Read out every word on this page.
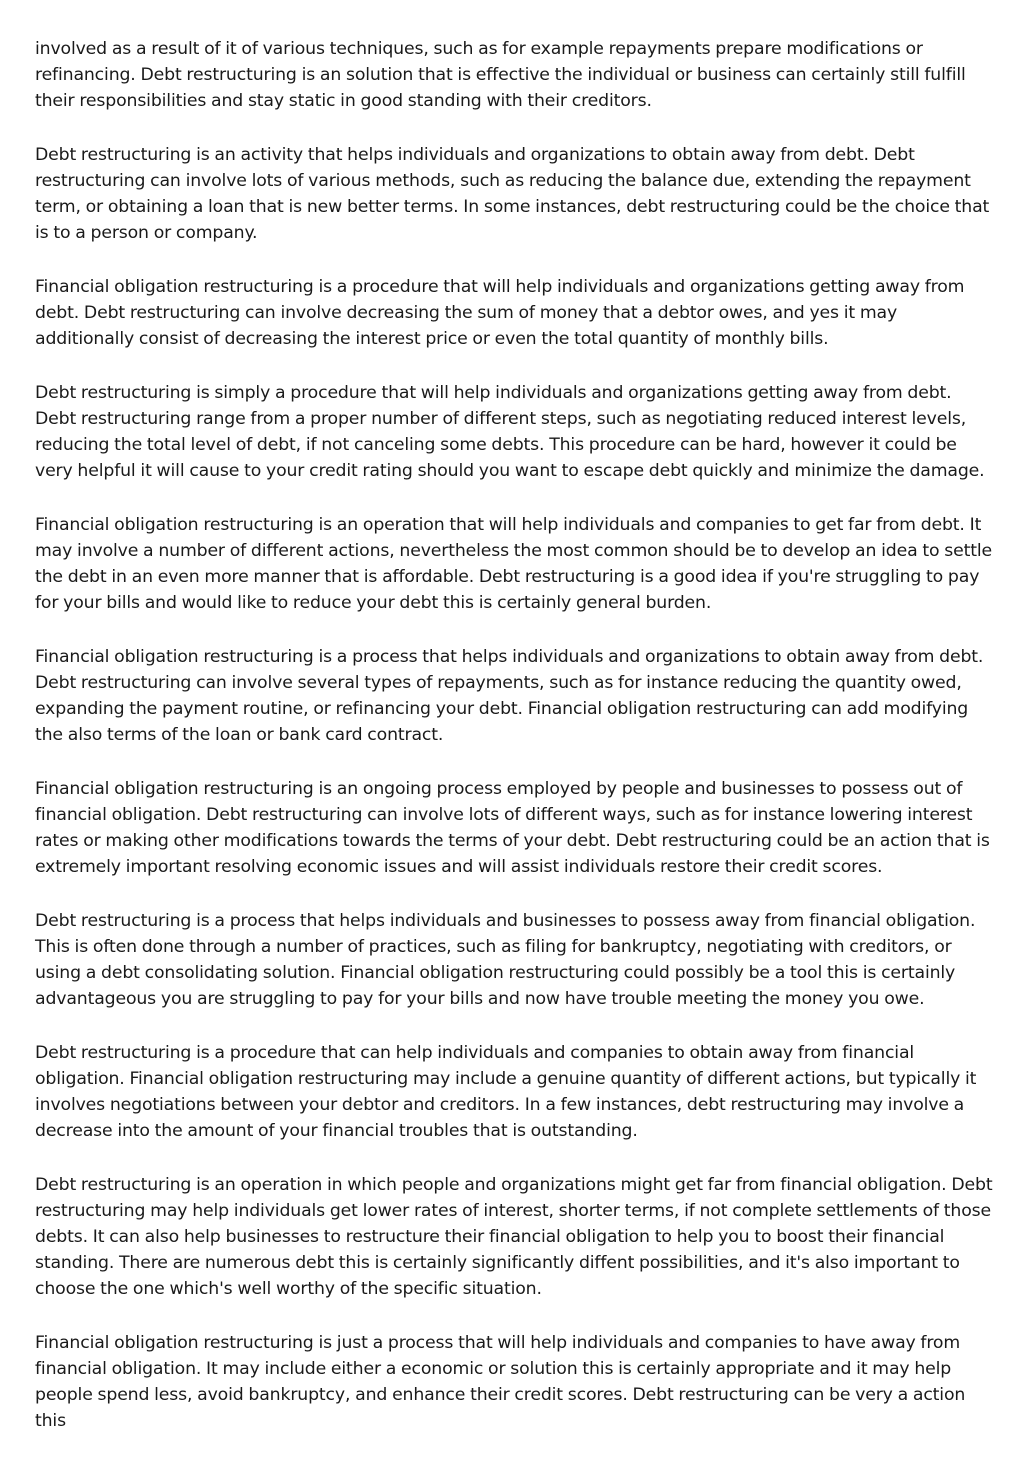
involved as a result of it of various techniques, such as for example repayments prepare modifications or refinancing. Debt restructuring is an solution that is effective the individual or business can certainly still fulfill their responsibilities and stay static in good standing with their creditors.

Debt restructuring is an activity that helps individuals and organizations to obtain away from debt. Debt restructuring can involve lots of various methods, such as reducing the balance due, extending the repayment term, or obtaining a loan that is new better terms. In some instances, debt restructuring could be the choice that is to a person or company.

Financial obligation restructuring is a procedure that will help individuals and organizations getting away from debt. Debt restructuring can involve decreasing the sum of money that a debtor owes, and yes it may additionally consist of decreasing the interest price or even the total quantity of monthly bills.

Debt restructuring is simply a procedure that will help individuals and organizations getting away from debt. Debt restructuring range from a proper number of different steps, such as negotiating reduced interest levels, reducing the total level of debt, if not canceling some debts. This procedure can be hard, however it could be very helpful it will cause to your credit rating should you want to escape debt quickly and minimize the damage.

Financial obligation restructuring is an operation that will help individuals and companies to get far from debt. It may involve a number of different actions, nevertheless the most common should be to develop an idea to settle the debt in an even more manner that is affordable. Debt restructuring is a good idea if you're struggling to pay for your bills and would like to reduce your debt this is certainly general burden.

Financial obligation restructuring is a process that helps individuals and organizations to obtain away from debt. Debt restructuring can involve several types of repayments, such as for instance reducing the quantity owed, expanding the payment routine, or refinancing your debt. Financial obligation restructuring can add modifying the also terms of the loan or bank card contract.

Financial obligation restructuring is an ongoing process employed by people and businesses to possess out of financial obligation. Debt restructuring can involve lots of different ways, such as for instance lowering interest rates or making other modifications towards the terms of your debt. Debt restructuring could be an action that is extremely important resolving economic issues and will assist individuals restore their credit scores.

Debt restructuring is a process that helps individuals and businesses to possess away from financial obligation. This is often done through a number of practices, such as filing for bankruptcy, negotiating with creditors, or using a debt consolidating solution. Financial obligation restructuring could possibly be a tool this is certainly advantageous you are struggling to pay for your bills and now have trouble meeting the money you owe.

Debt restructuring is a procedure that can help individuals and companies to obtain away from financial obligation. Financial obligation restructuring may include a genuine quantity of different actions, but typically it involves negotiations between your debtor and creditors. In a few instances, debt restructuring may involve a decrease into the amount of your financial troubles that is outstanding.

Debt restructuring is an operation in which people and organizations might get far from financial obligation. Debt restructuring may help individuals get lower rates of interest, shorter terms, if not complete settlements of those debts. It can also help businesses to restructure their financial obligation to help you to boost their financial standing. There are numerous debt this is certainly significantly diffent possibilities, and it's also important to choose the one which's well worthy of the specific situation.

Financial obligation restructuring is just a process that will help individuals and companies to have away from financial obligation. It may include either a economic or solution this is certainly appropriate and it may help people spend less, avoid bankruptcy, and enhance their credit scores. Debt restructuring can be very a action this
